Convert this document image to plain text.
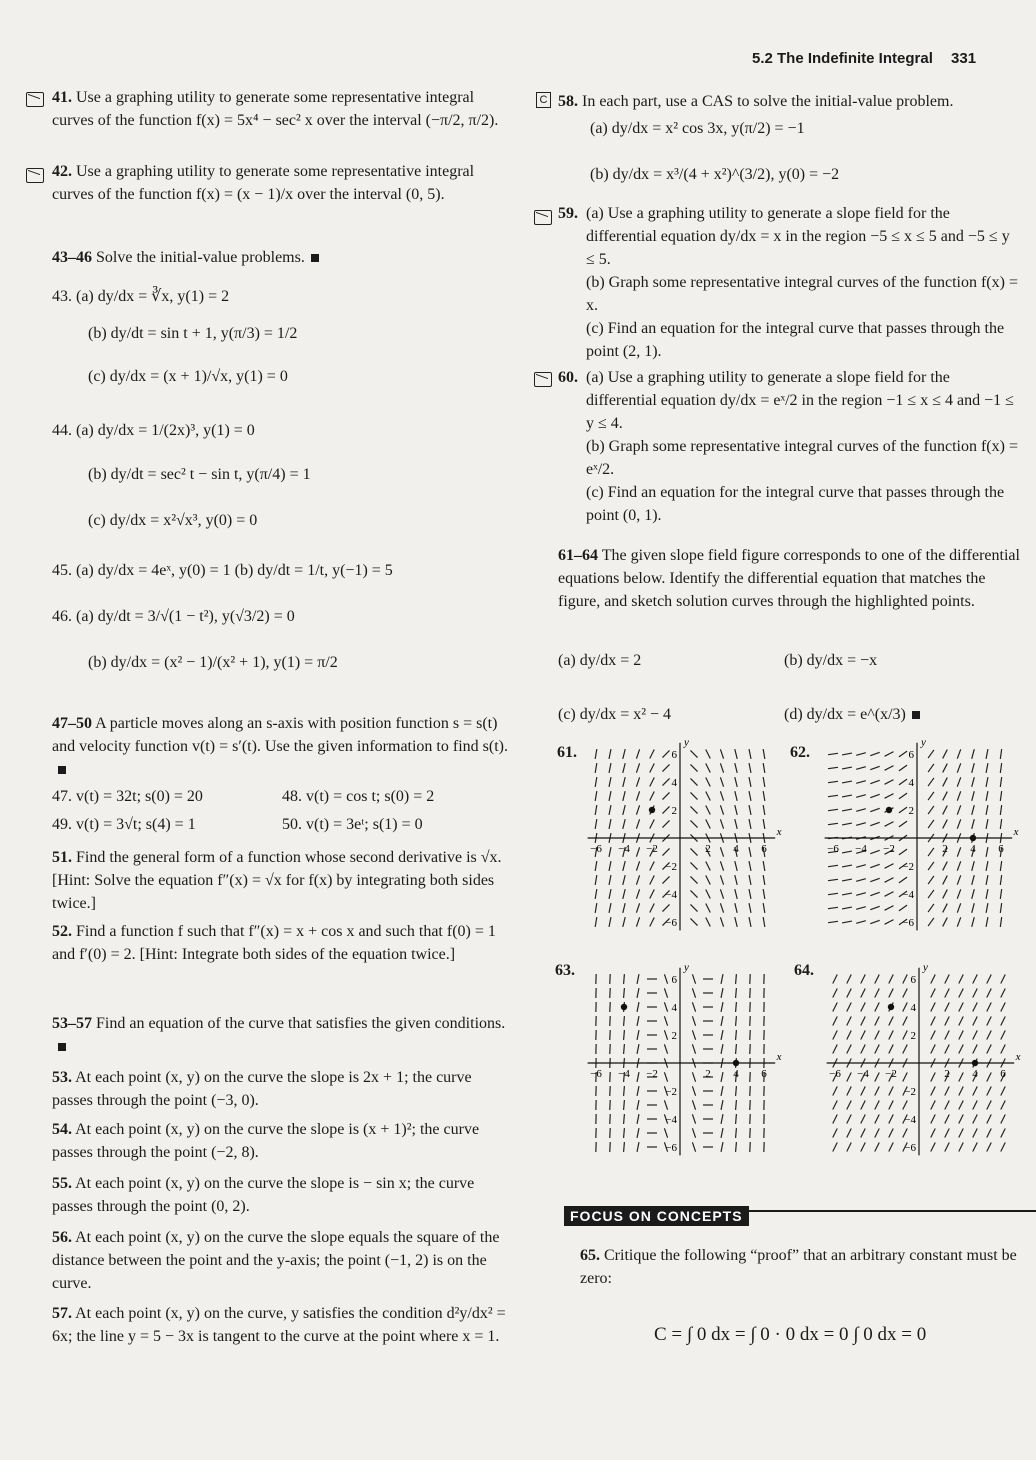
5.2 The Indefinite Integral 331
41. Use a graphing utility to generate some representative integral curves of the function f(x) = 5x⁴ − sec² x over the interval (−π/2, π/2).
42. Use a graphing utility to generate some representative integral curves of the function f(x) = (x − 1)/x over the interval (0, 5).
43–46 Solve the initial-value problems.
43. (a) dy/dx = ∛x, y(1) = 2
(b) dy/dt = sin t + 1, y(π/3) = 1/2
(c) dy/dx = (x + 1)/√x, y(1) = 0
44. (a) dy/dx = 1/(2x)³, y(1) = 0
(b) dy/dt = sec² t − sin t, y(π/4) = 1
(c) dy/dx = x²√x³, y(0) = 0
45. (a) dy/dx = 4eˣ, y(0) = 1 (b) dy/dt = 1/t, y(−1) = 5
46. (a) dy/dt = 3/√(1 − t²), y(√3/2) = 0
(b) dy/dx = (x² − 1)/(x² + 1), y(1) = π/2
47–50 A particle moves along an s-axis with position function s = s(t) and velocity function v(t) = s′(t). Use the given information to find s(t).
47. v(t) = 32t; s(0) = 20	48. v(t) = cos t; s(0) = 2
49. v(t) = 3√t; s(4) = 1	50. v(t) = 3eᵗ; s(1) = 0
51. Find the general form of a function whose second derivative is √x. [Hint: Solve the equation f″(x) = √x for f(x) by integrating both sides twice.]
52. Find a function f such that f″(x) = x + cos x and such that f(0) = 1 and f′(0) = 2. [Hint: Integrate both sides of the equation twice.]
53–57 Find an equation of the curve that satisfies the given conditions.
53. At each point (x, y) on the curve the slope is 2x + 1; the curve passes through the point (−3, 0).
54. At each point (x, y) on the curve the slope is (x + 1)²; the curve passes through the point (−2, 8).
55. At each point (x, y) on the curve the slope is − sin x; the curve passes through the point (0, 2).
56. At each point (x, y) on the curve the slope equals the square of the distance between the point and the y-axis; the point (−1, 2) is on the curve.
57. At each point (x, y) on the curve, y satisfies the condition d²y/dx² = 6x; the line y = 5 − 3x is tangent to the curve at the point where x = 1.
C 58. In each part, use a CAS to solve the initial-value problem.
(a) dy/dx = x² cos 3x, y(π/2) = −1
(b) dy/dx = x³/(4 + x²)^(3/2), y(0) = −2
59. (a) Use a graphing utility to generate a slope field for the differential equation dy/dx = x in the region −5 ≤ x ≤ 5 and −5 ≤ y ≤ 5.
(b) Graph some representative integral curves of the function f(x) = x.
(c) Find an equation for the integral curve that passes through the point (2, 1).
60. (a) Use a graphing utility to generate a slope field for the differential equation dy/dx = eˣ/2 in the region −1 ≤ x ≤ 4 and −1 ≤ y ≤ 4.
(b) Graph some representative integral curves of the function f(x) = eˣ/2.
(c) Find an equation for the integral curve that passes through the point (0, 1).
61–64 The given slope field figure corresponds to one of the differential equations below. Identify the differential equation that matches the figure, and sketch solution curves through the highlighted points.
(a) dy/dx = 2	(b) dy/dx = −x
(c) dy/dx = x² − 4	(d) dy/dx = e^(x/3)
61.	62.
63.	64.
−6 −4 −2	2 4 6
6
4
2
−2
−4
−6
x
y
−6 −4 −2	2 4 6
6
4
2
−2
−4
−6
x
y
−6 −4 −2	2 4 6
6
4
2
−2
−4
−6
x
y
−6 −4 −2	2 4 6
6
4
2
−2
−4
−6
x
y
FOCUS ON CONCEPTS
65. Critique the following “proof” that an arbitrary constant must be zero:
C = ∫ 0 dx = ∫ 0 · 0 dx = 0 ∫ 0 dx = 0
